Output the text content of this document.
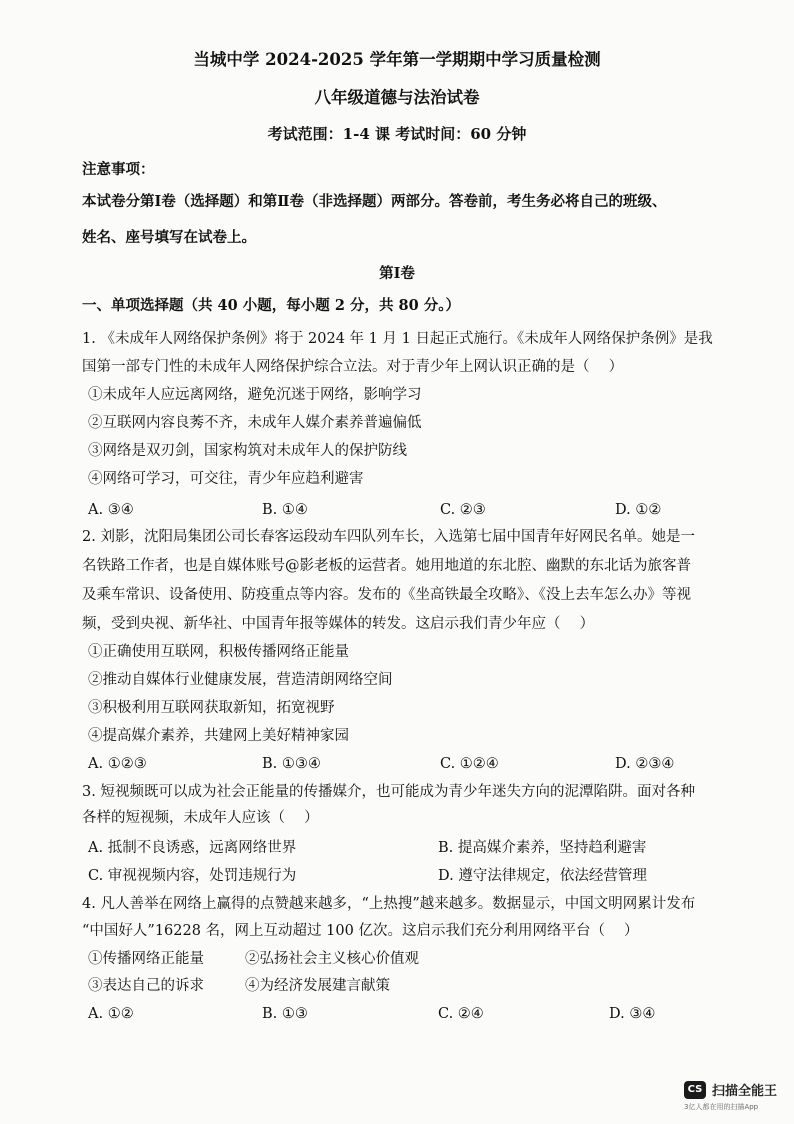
当城中学 2024-2025 学年第一学期期中学习质量检测
八年级道德与法治试卷
考试范围：1-4 课 考试时间：60 分钟
注意事项：
本试卷分第Ⅰ卷（选择题）和第Ⅱ卷（非选择题）两部分。答卷前，考生务必将自己的班级、
姓名、座号填写在试卷上。
第Ⅰ卷
一、单项选择题（共 40 小题，每小题 2 分，共 80 分。）
1. 《未成年人网络保护条例》将于 2024 年 1 月 1 日起正式施行。《未成年人网络保护条例》是我
国第一部专门性的未成年人网络保护综合立法。对于青少年上网认识正确的是（　 ）
①未成年人应远离网络，避免沉迷于网络，影响学习
②互联网内容良莠不齐，未成年人媒介素养普遍偏低
③网络是双刃剑，国家构筑对未成年人的保护防线
④网络可学习，可交往，青少年应趋利避害
A. ③④	B. ①④	C. ②③	D. ①②
2. 刘影，沈阳局集团公司长春客运段动车四队列车长，入选第七届中国青年好网民名单。她是一
名铁路工作者，也是自媒体账号@影老板的运营者。她用地道的东北腔、幽默的东北话为旅客普
及乘车常识、设备使用、防疫重点等内容。发布的《坐高铁最全攻略》、《没上去车怎么办》等视
频，受到央视、新华社、中国青年报等媒体的转发。这启示我们青少年应（　 ）
①正确使用互联网，积极传播网络正能量
②推动自媒体行业健康发展，营造清朗网络空间
③积极利用互联网获取新知，拓宽视野
④提高媒介素养，共建网上美好精神家园
A. ①②③	B. ①③④	C. ①②④	D. ②③④
3. 短视频既可以成为社会正能量的传播媒介，也可能成为青少年迷失方向的泥潭陷阱。面对各种
各样的短视频，未成年人应该（　 ）
A. 抵制不良诱惑，远离网络世界	B. 提高媒介素养，坚持趋利避害
C. 审视视频内容，处罚违规行为	D. 遵守法律规定，依法经营管理
4. 凡人善举在网络上赢得的点赞越来越多，“上热搜”越来越多。数据显示，中国文明网累计发布
“中国好人”16228 名，网上互动超过 100 亿次。这启示我们充分利用网络平台（　 ）
①传播网络正能量	②弘扬社会主义核心价值观
③表达自己的诉求	④为经济发展建言献策
A. ①②	B. ①③	C. ②④	D. ③④
CS 扫描全能王
3亿人都在用的扫描App
